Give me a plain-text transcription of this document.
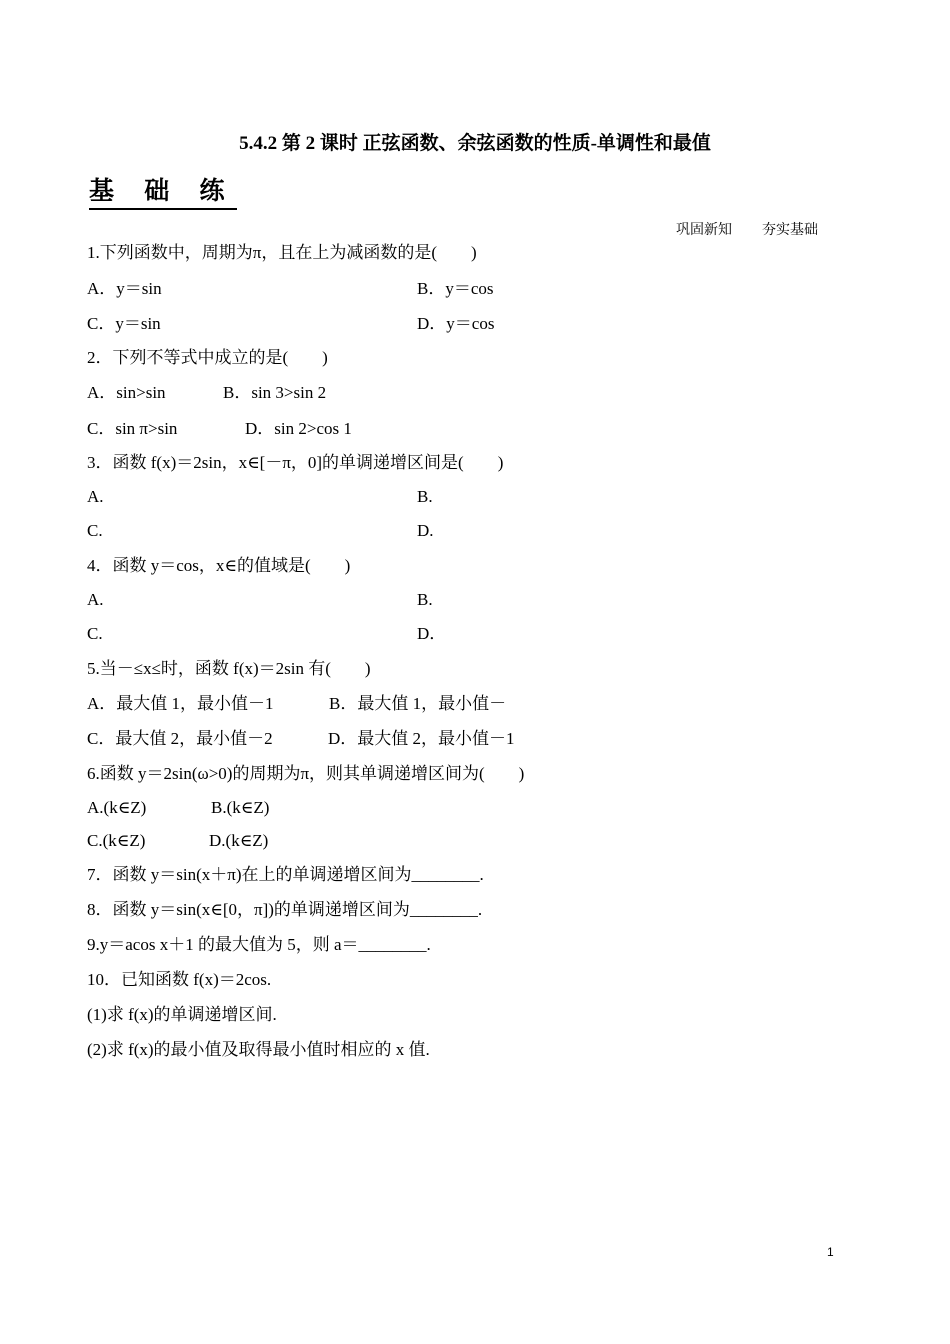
5.4.2 第 2 课时 正弦函数、余弦函数的性质-单调性和最值
基 础 练
巩固新知 夯实基础
1.下列函数中，周期为π，且在上为减函数的是(　　)
A．y＝sin	B．y＝cos
C．y＝sin	D．y＝cos
2．下列不等式中成立的是(　　)
A．sin>sin	B．sin 3>sin 2
C．sin π>sin	D．sin 2>cos 1
3．函数 f(x)＝2sin，x∈[－π，0]的单调递增区间是(　　)
A.	B.
C.	D.
4．函数 y＝cos，x∈的值域是(　　)
A.	B.
C.	D．
5.当－≤x≤时，函数 f(x)＝2sin 有(　　)
A．最大值 1，最小值－1	B．最大值 1，最小值－
C．最大值 2，最小值－2	D．最大值 2，最小值－1
6.函数 y＝2sin(ω>0)的周期为π，则其单调递增区间为(　　)
A.(k∈Z)	B.(k∈Z)
C.(k∈Z)	D.(k∈Z)
7．函数 y＝sin(x＋π)在上的单调递增区间为________.
8．函数 y＝sin(x∈[0，π])的单调递增区间为________.
9.y＝acos x＋1 的最大值为 5，则 a＝________.
10．已知函数 f(x)＝2cos.
(1)求 f(x)的单调递增区间.
(2)求 f(x)的最小值及取得最小值时相应的 x 值.
1
